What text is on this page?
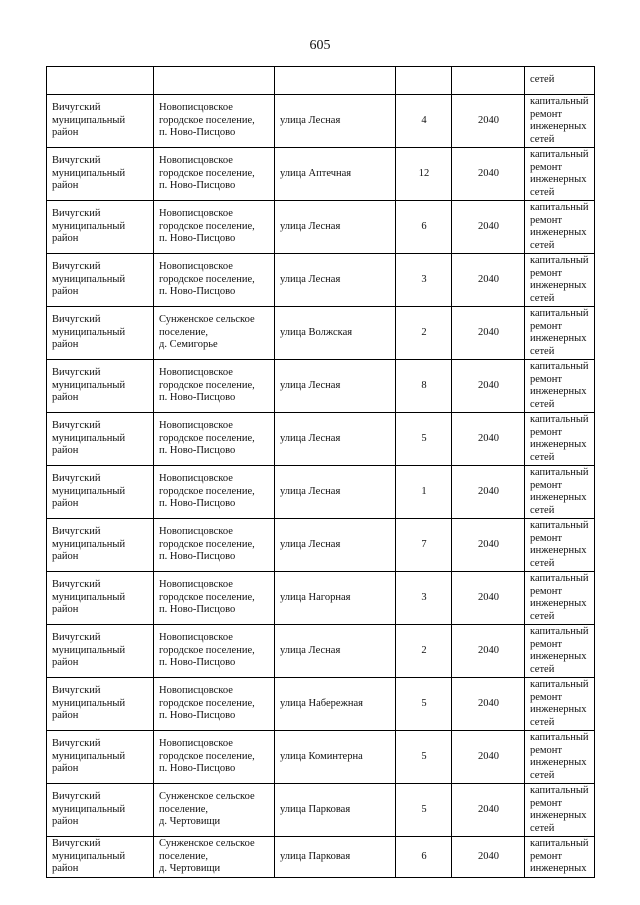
605
					сетей

Вичугский
муниципальный
район	Новописцовское
городское поселение,
п. Ново-Писцово	улица Лесная	4	2040	капитальный
ремонт
инженерных
сетей

Вичугский
муниципальный
район	Новописцовское
городское поселение,
п. Ново-Писцово	улица Аптечная	12	2040	капитальный
ремонт
инженерных
сетей

Вичугский
муниципальный
район	Новописцовское
городское поселение,
п. Ново-Писцово	улица Лесная	6	2040	капитальный
ремонт
инженерных
сетей

Вичугский
муниципальный
район	Новописцовское
городское поселение,
п. Ново-Писцово	улица Лесная	3	2040	капитальный
ремонт
инженерных
сетей

Вичугский
муниципальный
район	Сунженское сельское
поселение,
д. Семигорье	улица Волжская	2	2040	капитальный
ремонт
инженерных
сетей

Вичугский
муниципальный
район	Новописцовское
городское поселение,
п. Ново-Писцово	улица Лесная	8	2040	капитальный
ремонт
инженерных
сетей

Вичугский
муниципальный
район	Новописцовское
городское поселение,
п. Ново-Писцово	улица Лесная	5	2040	капитальный
ремонт
инженерных
сетей

Вичугский
муниципальный
район	Новописцовское
городское поселение,
п. Ново-Писцово	улица Лесная	1	2040	капитальный
ремонт
инженерных
сетей

Вичугский
муниципальный
район	Новописцовское
городское поселение,
п. Ново-Писцово	улица Лесная	7	2040	капитальный
ремонт
инженерных
сетей

Вичугский
муниципальный
район	Новописцовское
городское поселение,
п. Ново-Писцово	улица Нагорная	3	2040	капитальный
ремонт
инженерных
сетей

Вичугский
муниципальный
район	Новописцовское
городское поселение,
п. Ново-Писцово	улица Лесная	2	2040	капитальный
ремонт
инженерных
сетей

Вичугский
муниципальный
район	Новописцовское
городское поселение,
п. Ново-Писцово	улица Набережная	5	2040	капитальный
ремонт
инженерных
сетей

Вичугский
муниципальный
район	Новописцовское
городское поселение,
п. Ново-Писцово	улица Коминтерна	5	2040	капитальный
ремонт
инженерных
сетей

Вичугский
муниципальный
район	Сунженское сельское
поселение,
д. Чертовищи	улица Парковая	5	2040	капитальный
ремонт
инженерных
сетей

Вичугский
муниципальный
район	Сунженское сельское
поселение,
д. Чертовищи	улица Парковая	6	2040	капитальный
ремонт
инженерных
